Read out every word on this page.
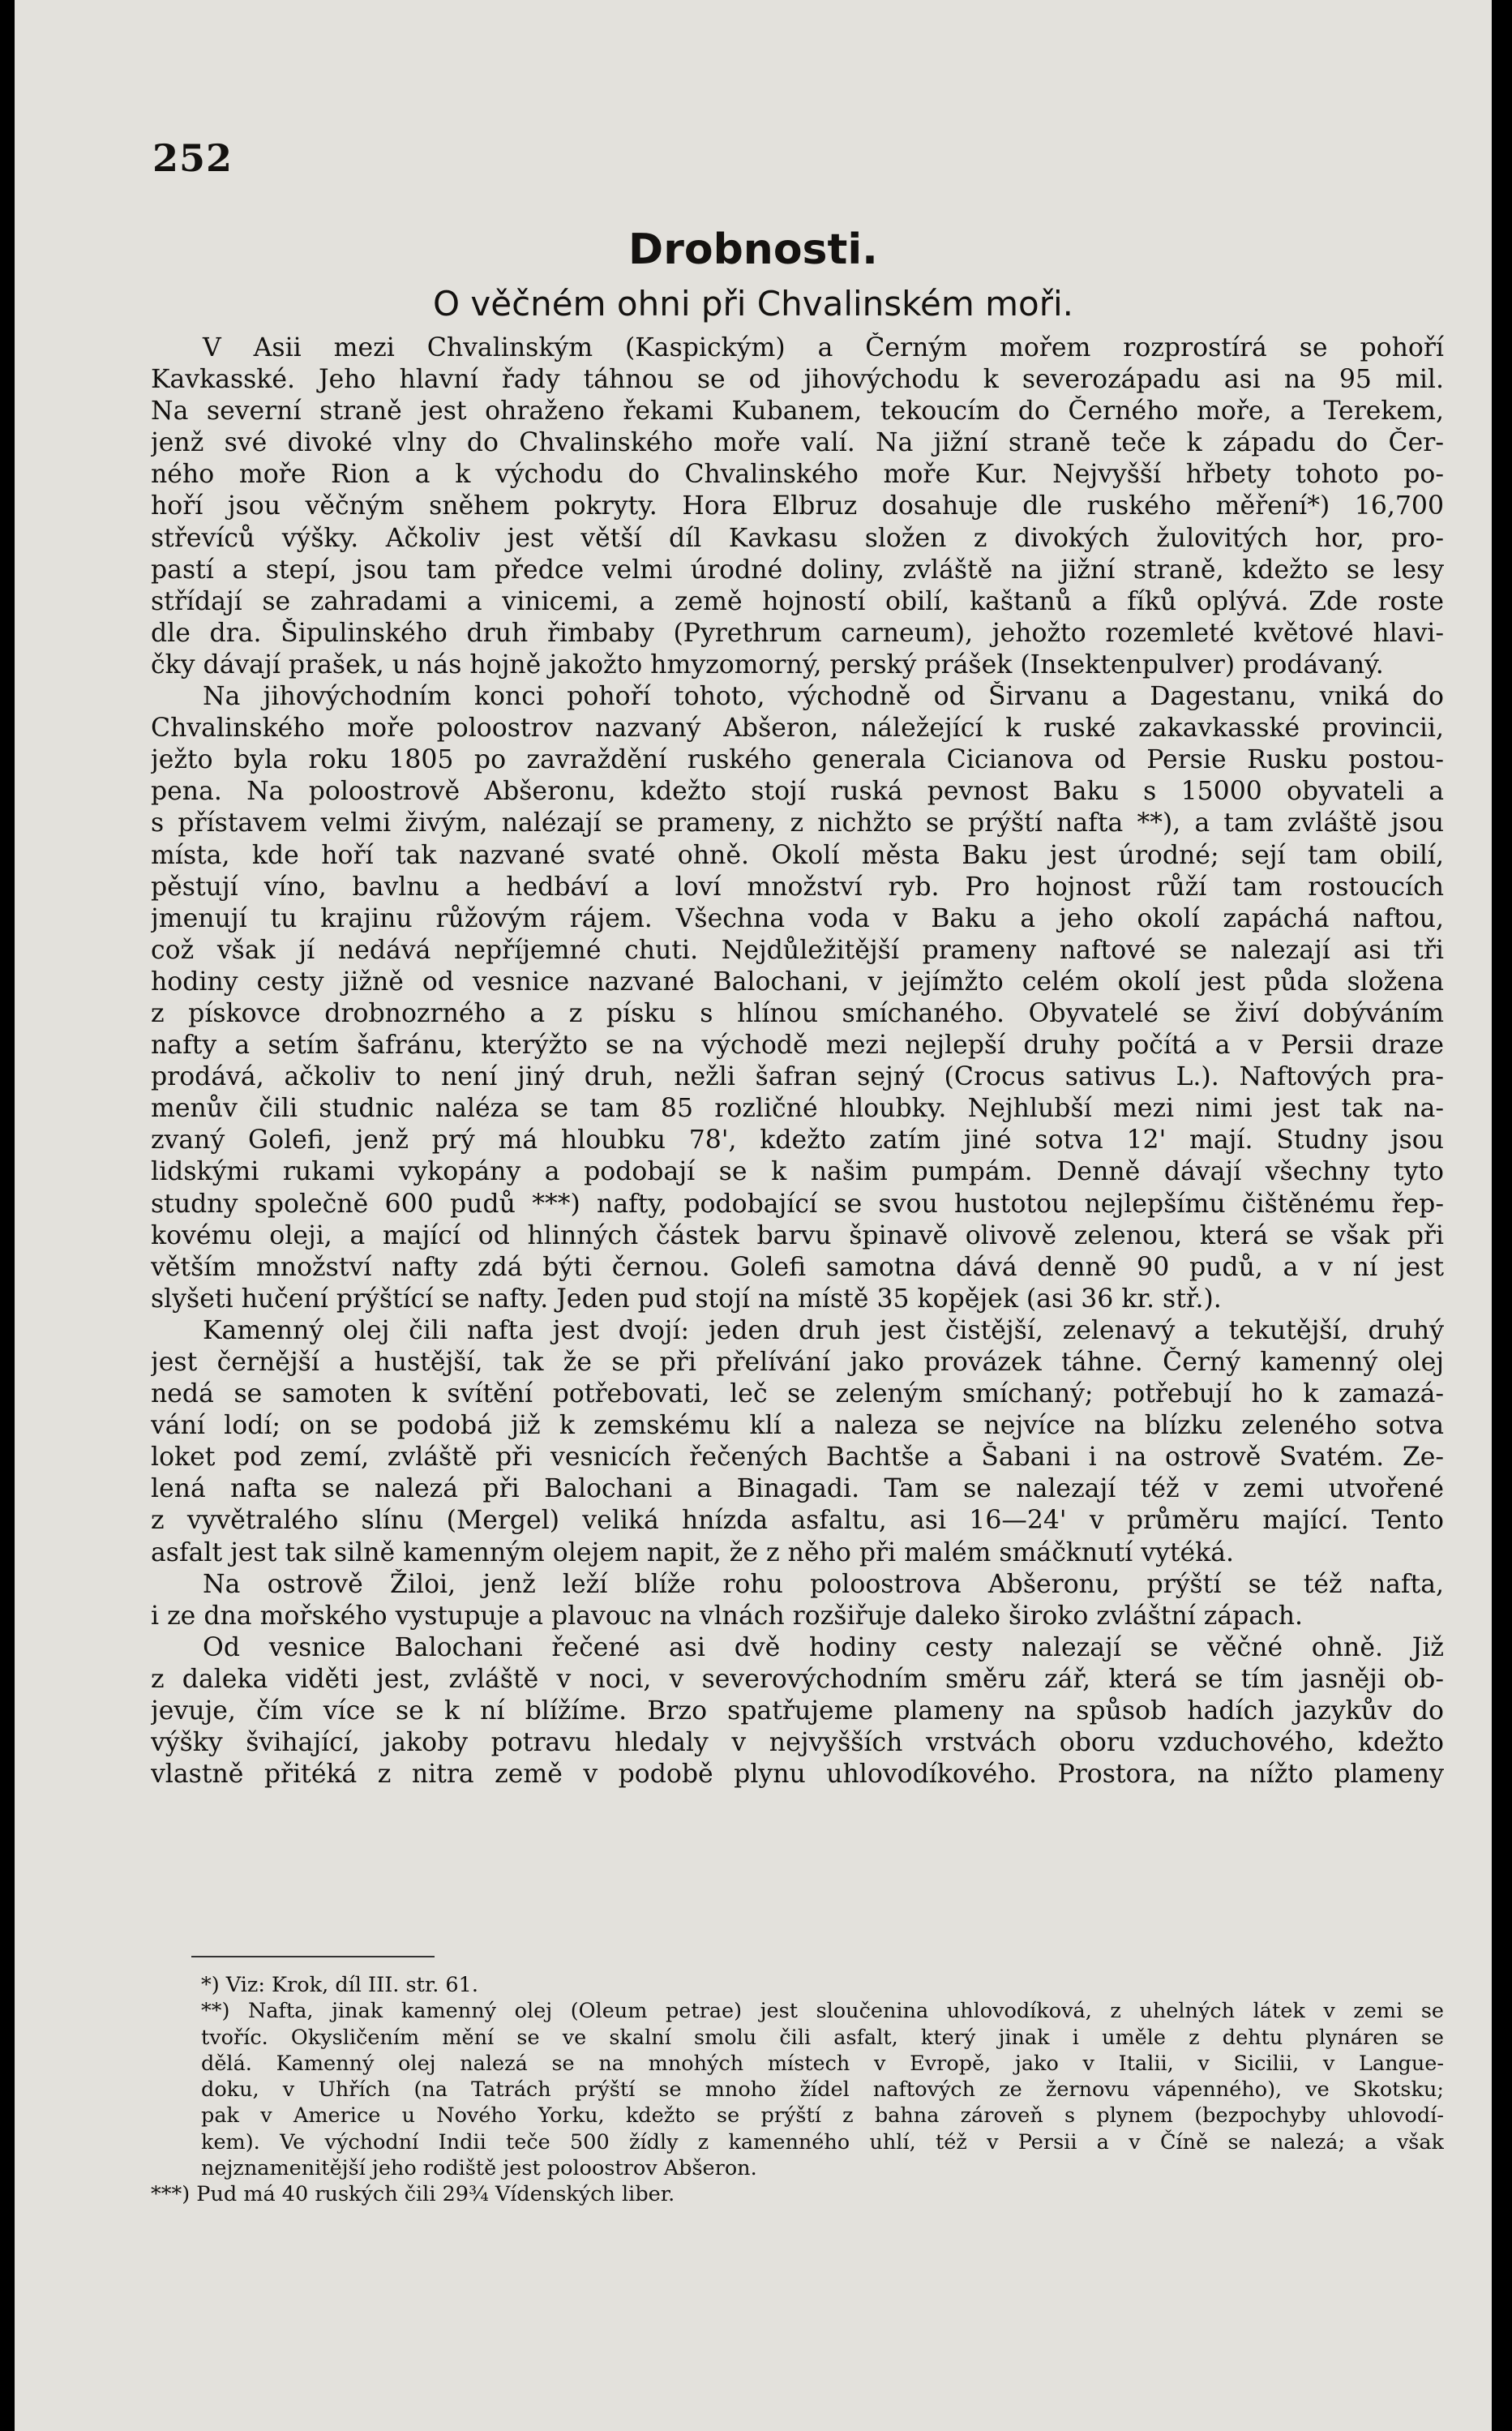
252
Drobnosti.
O věčném ohni při Chvalinském moři.
V Asii mezi Chvalinským (Kaspickým) a Černým mořem rozprostírá se pohoří
Kavkasské. Jeho hlavní řady táhnou se od jihovýchodu k severozápadu asi na 95 mil.
Na severní straně jest ohraženo řekami Kubanem, tekoucím do Černého moře, a Terekem,
jenž své divoké vlny do Chvalinského moře valí. Na jižní straně teče k západu do Čer-
ného moře Rion a k východu do Chvalinského moře Kur. Nejvyšší hřbety tohoto po-
hoří jsou věčným sněhem pokryty. Hora Elbruz dosahuje dle ruského měření*) 16,700
střevíců výšky. Ačkoliv jest větší díl Kavkasu složen z divokých žulovitých hor, pro-
pastí a stepí, jsou tam předce velmi úrodné doliny, zvláště na jižní straně, kdežto se lesy
střídají se zahradami a vinicemi, a země hojností obilí, kaštanů a fíků oplývá. Zde roste
dle dra. Šipulinského druh řimbaby (Pyrethrum carneum), jehožto rozemleté květové hlavi-
čky dávají prašek, u nás hojně jakožto hmyzomorný, perský prášek (Insektenpulver) prodávaný.
Na jihovýchodním konci pohoří tohoto, východně od Širvanu a Dagestanu, vniká do
Chvalinského moře poloostrov nazvaný Abšeron, náležející k ruské zakavkasské provincii,
ježto byla roku 1805 po zavraždění ruského generala Cicianova od Persie Rusku postou-
pena. Na poloostrově Abšeronu, kdežto stojí ruská pevnost Baku s 15000 obyvateli a
s přístavem velmi živým, nalézají se prameny, z nichžto se prýští nafta **), a tam zvláště jsou
místa, kde hoří tak nazvané svaté ohně. Okolí města Baku jest úrodné; sejí tam obilí,
pěstují víno, bavlnu a hedbáví a loví množství ryb. Pro hojnost růží tam rostoucích
jmenují tu krajinu růžovým rájem. Všechna voda v Baku a jeho okolí zapáchá naftou,
což však jí nedává nepříjemné chuti. Nejdůležitější prameny naftové se nalezají asi tři
hodiny cesty jižně od vesnice nazvané Balochani, v jejímžto celém okolí jest půda složena
z pískovce drobnozrného a z písku s hlínou smíchaného. Obyvatelé se živí dobýváním
nafty a setím šafránu, kterýžto se na východě mezi nejlepší druhy počítá a v Persii draze
prodává, ačkoliv to není jiný druh, nežli šafran sejný (Crocus sativus L.). Naftových pra-
menův čili studnic naléza se tam 85 rozličné hloubky. Nejhlubší mezi nimi jest tak na-
zvaný Golefi, jenž prý má hloubku 78', kdežto zatím jiné sotva 12' mají. Studny jsou
lidskými rukami vykopány a podobají se k našim pumpám. Denně dávají všechny tyto
studny společně 600 pudů ***) nafty, podobající se svou hustotou nejlepšímu čištěnému řep-
kovému oleji, a mající od hlinných částek barvu špinavě olivově zelenou, která se však při
větším množství nafty zdá býti černou. Golefi samotna dává denně 90 pudů, a v ní jest
slyšeti hučení prýštící se nafty. Jeden pud stojí na místě 35 kopějek (asi 36 kr. stř.).
Kamenný olej čili nafta jest dvojí: jeden druh jest čistější, zelenavý a tekutější, druhý
jest černější a hustější, tak že se při přelívání jako provázek táhne. Černý kamenný olej
nedá se samoten k svítění potřebovati, leč se zeleným smíchaný; potřebují ho k zamazá-
vání lodí; on se podobá již k zemskému klí a naleza se nejvíce na blízku zeleného sotva
loket pod zemí, zvláště při vesnicích řečených Bachtše a Šabani i na ostrově Svatém. Ze-
lená nafta se nalezá při Balochani a Binagadi. Tam se nalezají též v zemi utvořené
z vyvětralého slínu (Mergel) veliká hnízda asfaltu, asi 16—24' v průměru mající. Tento
asfalt jest tak silně kamenným olejem napit, že z něho při malém smáčknutí vytéká.
Na ostrově Žiloi, jenž leží blíže rohu poloostrova Abšeronu, prýští se též nafta,
i ze dna mořského vystupuje a plavouc na vlnách rozšiřuje daleko široko zvláštní zápach.
Od vesnice Balochani řečené asi dvě hodiny cesty nalezají se věčné ohně. Již
z daleka viděti jest, zvláště v noci, v severovýchodním směru zář, která se tím jasněji ob-
jevuje, čím více se k ní blížíme. Brzo spatřujeme plameny na spůsob hadích jazykův do
výšky švihající, jakoby potravu hledaly v nejvyšších vrstvách oboru vzduchového, kdežto
vlastně přitéká z nitra země v podobě plynu uhlovodíkového. Prostora, na nížto plameny
*) Viz: Krok, díl III. str. 61.
**) Nafta, jinak kamenný olej (Oleum petrae) jest sloučenina uhlovodíková, z uhelných látek v zemi se
tvoříc. Okysličením mění se ve skalní smolu čili asfalt, který jinak i uměle z dehtu plynáren se
dělá. Kamenný olej nalezá se na mnohých místech v Evropě, jako v Italii, v Sicilii, v Langue-
doku, v Uhřích (na Tatrách prýští se mnoho žídel naftových ze žernovu vápenného), ve Skotsku;
pak v Americe u Nového Yorku, kdežto se prýští z bahna zároveň s plynem (bezpochyby uhlovodí-
kem). Ve východní Indii teče 500 žídly z kamenného uhlí, též v Persii a v Číně se nalezá; a však
nejznamenitější jeho rodiště jest poloostrov Abšeron.
***) Pud má 40 ruských čili 29¾ Vídenských liber.
